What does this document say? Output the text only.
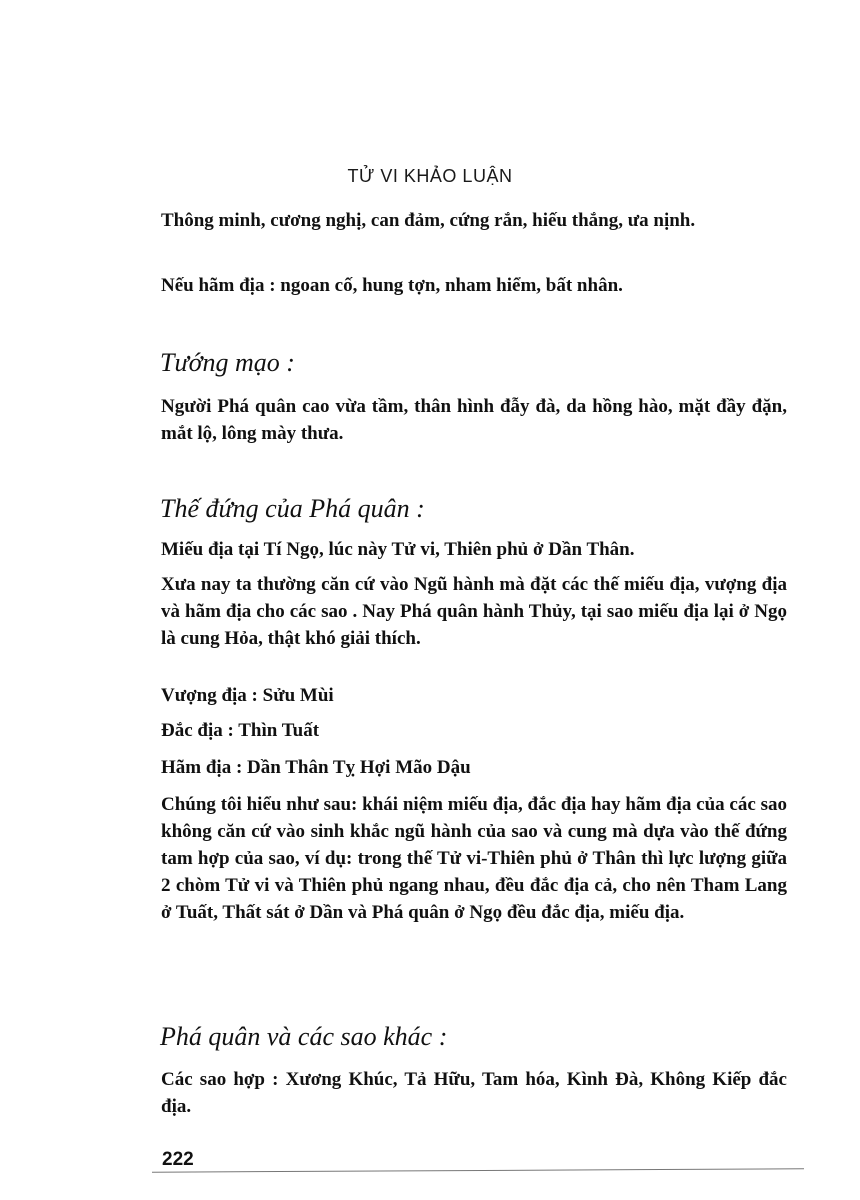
TỬ VI KHẢO LUẬN
Thông minh, cương nghị, can đảm, cứng rắn, hiếu thắng, ưa nịnh.
Nếu hãm địa : ngoan cố, hung tợn, nham hiểm, bất nhân.
Tướng mạo :
Người Phá quân cao vừa tầm, thân hình đẫy đà, da hồng hào, mặt đầy đặn, mắt lộ, lông mày thưa.
Thế đứng của Phá quân :
Miếu địa tại Tí Ngọ, lúc này Tử vi, Thiên phủ ở Dần Thân.
Xưa nay ta thường căn cứ vào Ngũ hành mà đặt các thế miếu địa, vượng địa và hãm địa cho các sao . Nay Phá quân hành Thủy, tại sao miếu địa lại ở Ngọ là cung Hỏa, thật khó giải thích.
Vượng địa : Sửu Mùi
Đắc địa : Thìn Tuất
Hãm địa : Dần Thân Tỵ Hợi Mão Dậu
Chúng tôi hiểu như sau: khái niệm miếu địa, đắc địa hay hãm địa của các sao không căn cứ vào sinh khắc ngũ hành của sao và cung mà dựa vào thế đứng tam hợp của sao, ví dụ: trong thế Tử vi-Thiên phủ ở Thân thì lực lượng giữa 2 chòm Tử vi và Thiên phủ ngang nhau, đều đắc địa cả, cho nên Tham Lang ở Tuất, Thất sát ở Dần và Phá quân ở Ngọ đều đắc địa, miếu địa.
Phá quân và các sao khác :
Các sao hợp : Xương Khúc, Tả Hữu, Tam hóa, Kình Đà, Không Kiếp đắc địa.
222
